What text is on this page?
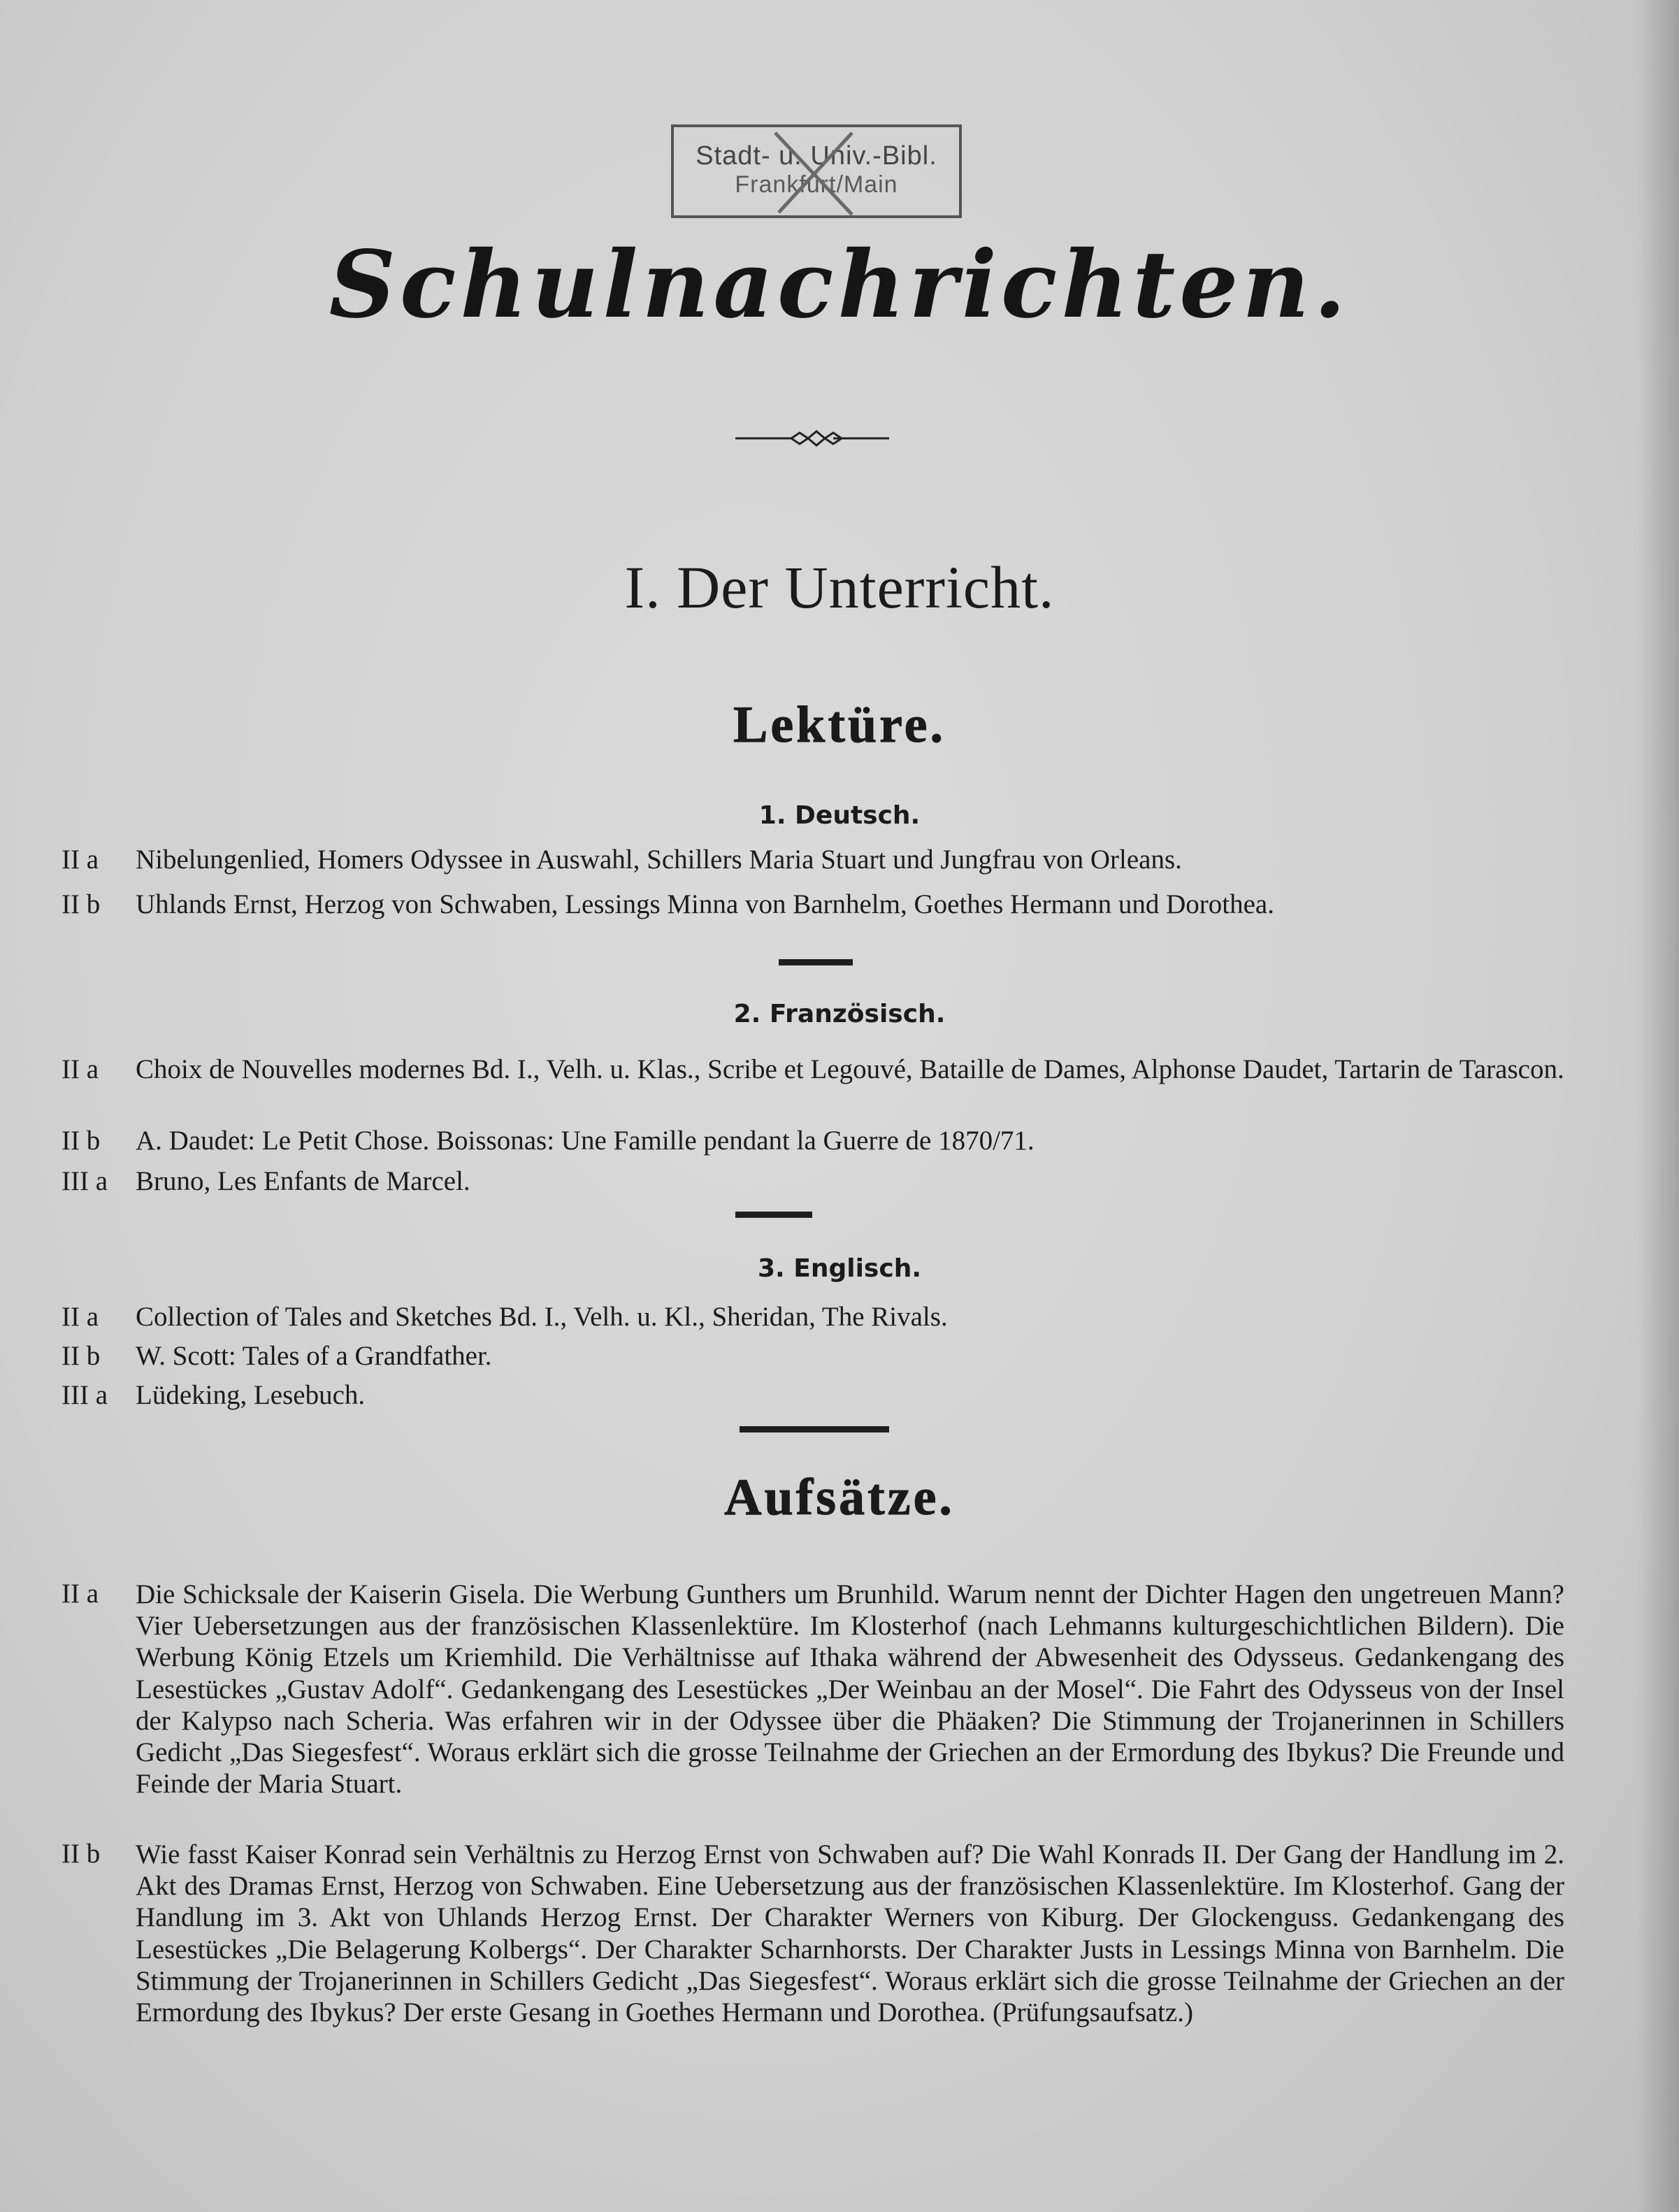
Stadt- u. Univ.-Bibl.
Frankfurt/Main
Schulnachrichten.
I. Der Unterricht.
Lektüre.
1. Deutsch.
II a	Nibelungenlied, Homers Odyssee in Auswahl, Schillers Maria Stuart und Jungfrau von Orleans.
II b	Uhlands Ernst, Herzog von Schwaben, Lessings Minna von Barnhelm, Goethes Hermann und Dorothea.
2. Französisch.
II a	Choix de Nouvelles modernes Bd. I., Velh. u. Klas., Scribe et Legouvé, Bataille de Dames, Alphonse Daudet, Tartarin de Tarascon.
II b	A. Daudet: Le Petit Chose. Boissonas: Une Famille pendant la Guerre de 1870/71.
III a	Bruno, Les Enfants de Marcel.
3. Englisch.
II a	Collection of Tales and Sketches Bd. I., Velh. u. Kl., Sheridan, The Rivals.
II b	W. Scott: Tales of a Grandfather.
III a	Lüdeking, Lesebuch.
Aufsätze.
II a	Die Schicksale der Kaiserin Gisela. Die Werbung Gunthers um Brunhild. Warum nennt der Dichter Hagen den ungetreuen Mann? Vier Uebersetzungen aus der französischen Klassenlektüre. Im Klosterhof (nach Lehmanns kulturgeschichtlichen Bildern). Die Werbung König Etzels um Kriemhild. Die Verhältnisse auf Ithaka während der Abwesenheit des Odysseus. Gedankengang des Lesestückes „Gustav Adolf“. Gedankengang des Lesestückes „Der Weinbau an der Mosel“. Die Fahrt des Odysseus von der Insel der Kalypso nach Scheria. Was erfahren wir in der Odyssee über die Phäaken? Die Stimmung der Trojanerinnen in Schillers Gedicht „Das Siegesfest“. Woraus erklärt sich die grosse Teilnahme der Griechen an der Ermordung des Ibykus? Die Freunde und Feinde der Maria Stuart.
II b	Wie fasst Kaiser Konrad sein Verhältnis zu Herzog Ernst von Schwaben auf? Die Wahl Konrads II. Der Gang der Handlung im 2. Akt des Dramas Ernst, Herzog von Schwaben. Eine Uebersetzung aus der französischen Klassenlektüre. Im Klosterhof. Gang der Handlung im 3. Akt von Uhlands Herzog Ernst. Der Charakter Werners von Kiburg. Der Glockenguss. Gedankengang des Lesestückes „Die Belagerung Kolbergs“. Der Charakter Scharnhorsts. Der Charakter Justs in Lessings Minna von Barnhelm. Die Stimmung der Trojanerinnen in Schillers Gedicht „Das Siegesfest“. Woraus erklärt sich die grosse Teilnahme der Griechen an der Ermordung des Ibykus? Der erste Gesang in Goethes Hermann und Dorothea. (Prüfungsaufsatz.)
